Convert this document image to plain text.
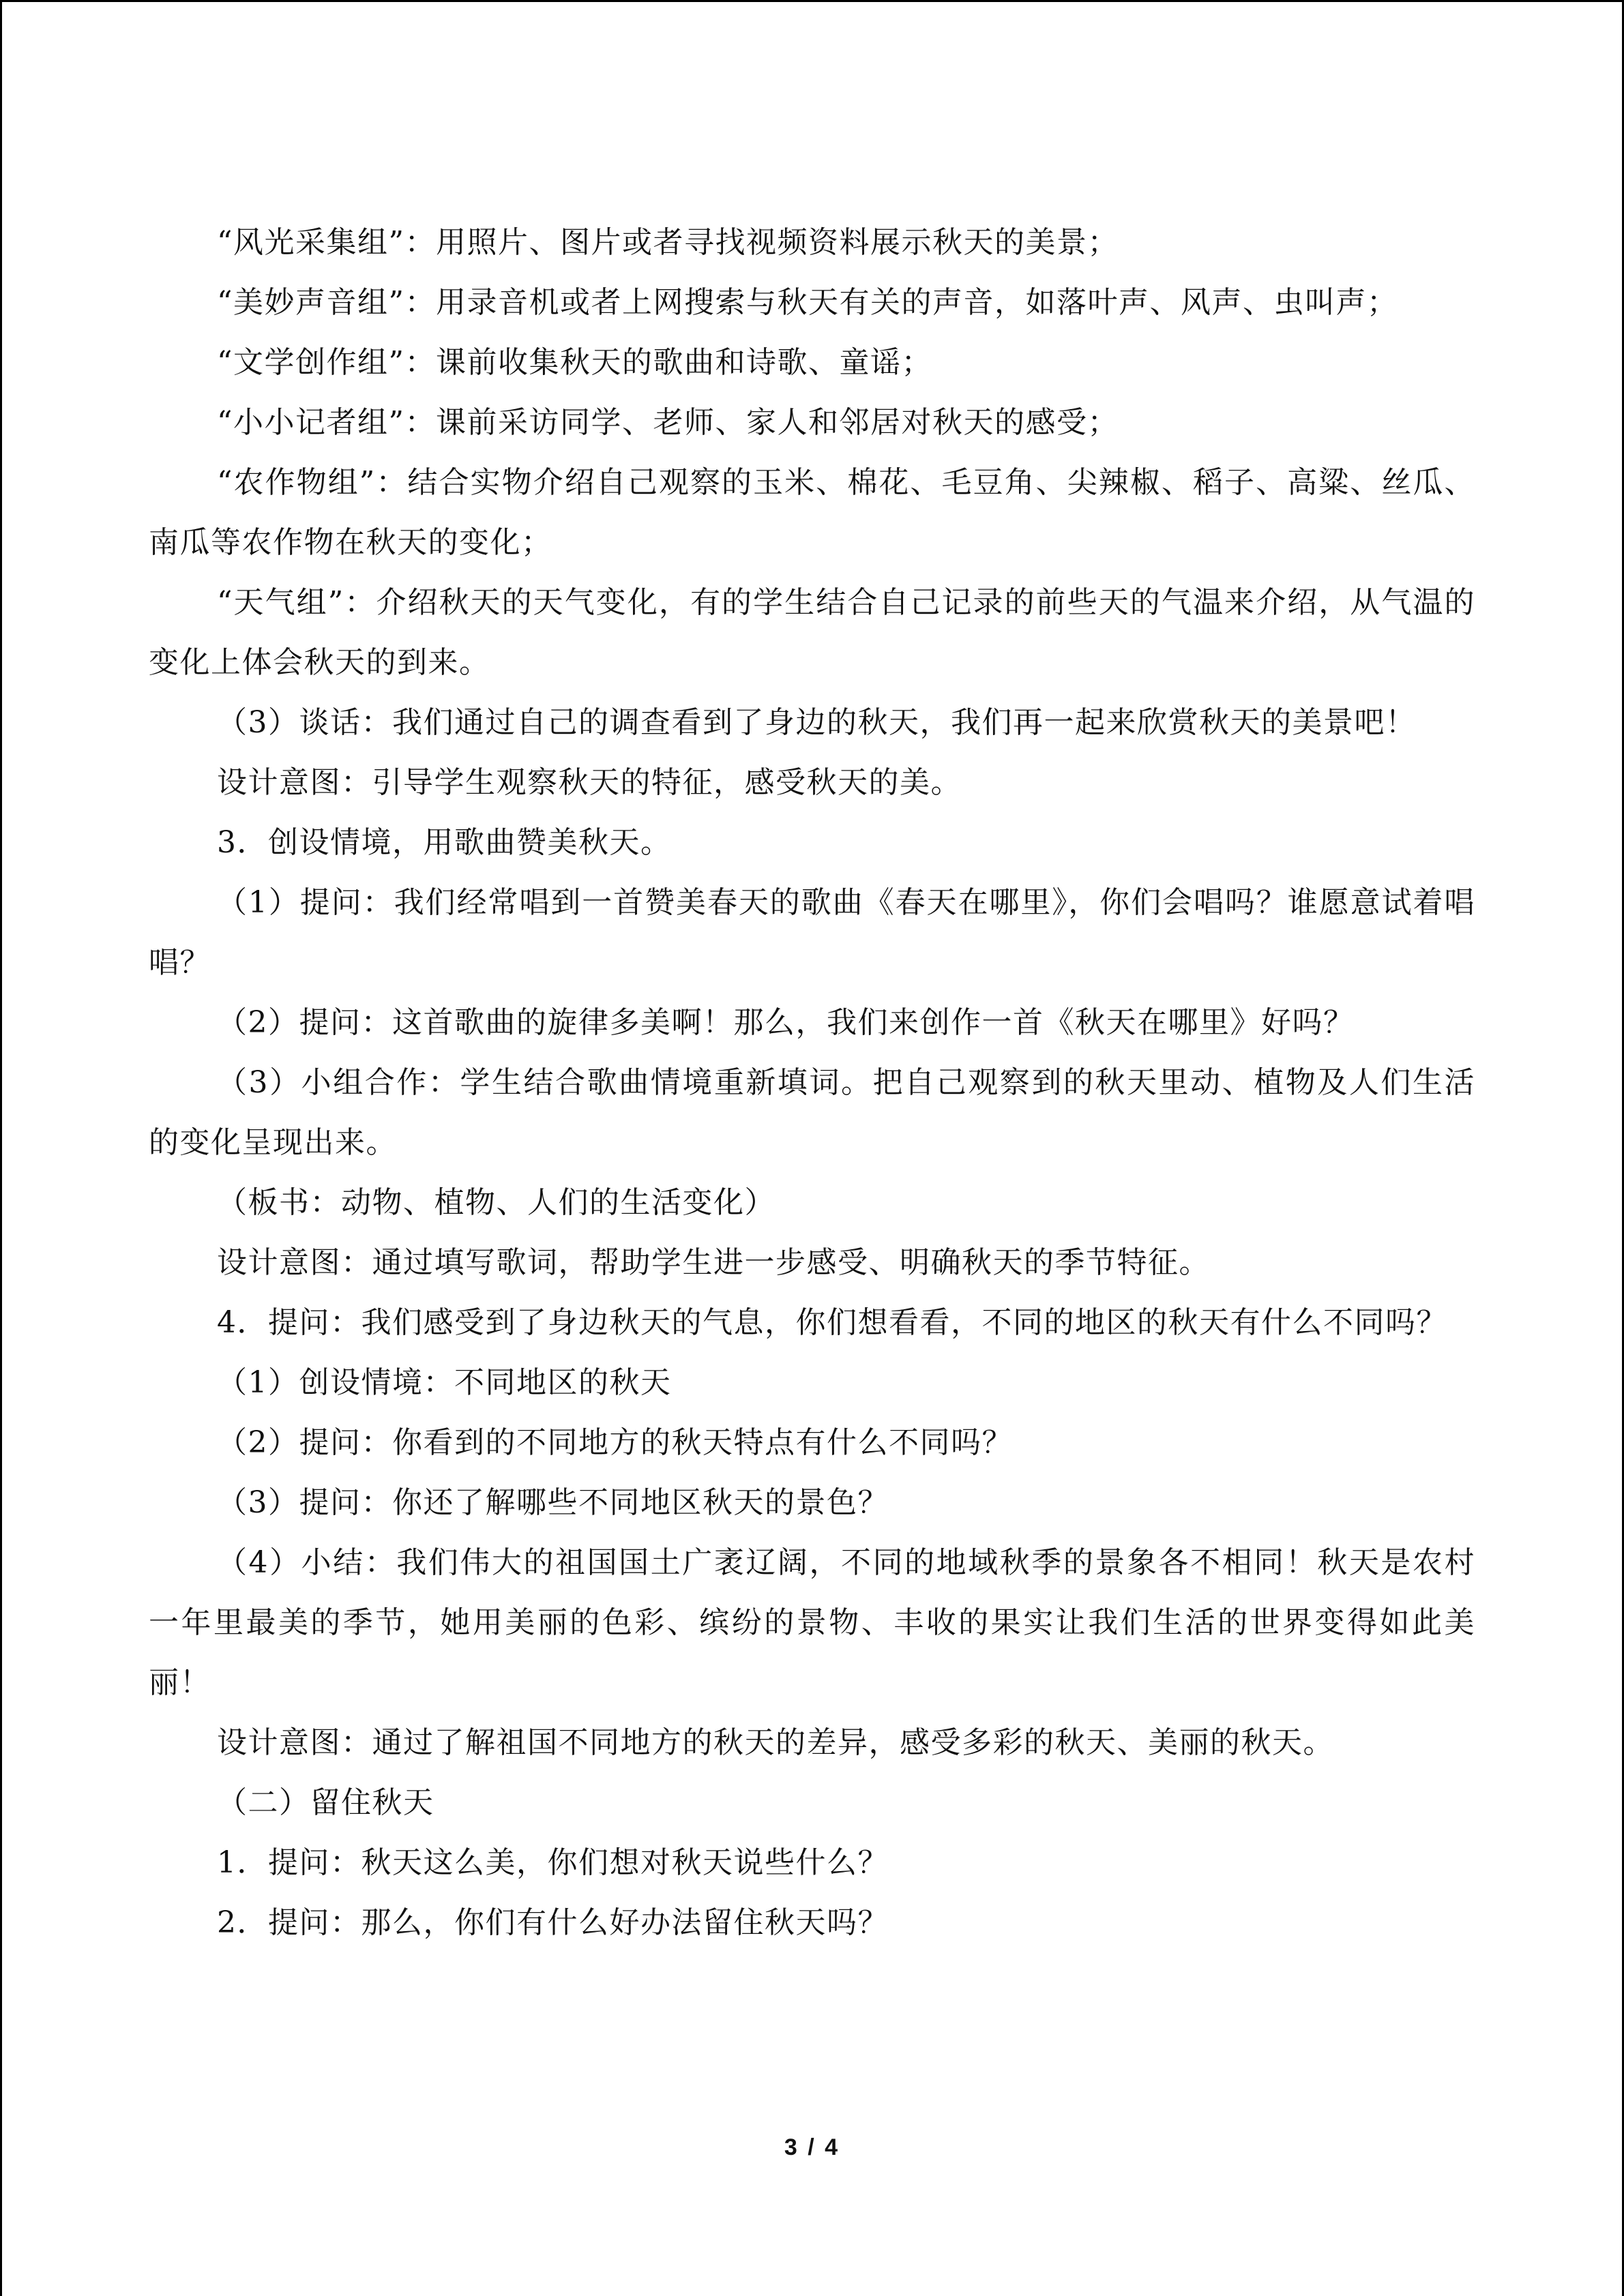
“风光采集组”：用照片、图片或者寻找视频资料展示秋天的美景；

“美妙声音组”：用录音机或者上网搜索与秋天有关的声音，如落叶声、风声、虫叫声；

“文学创作组”：课前收集秋天的歌曲和诗歌、童谣；

“小小记者组”：课前采访同学、老师、家人和邻居对秋天的感受；

“农作物组”：结合实物介绍自己观察的玉米、棉花、毛豆角、尖辣椒、稻子、高粱、丝瓜、南瓜等农作物在秋天的变化；

“天气组”：介绍秋天的天气变化，有的学生结合自己记录的前些天的气温来介绍，从气温的变化上体会秋天的到来。

（3）谈话：我们通过自己的调查看到了身边的秋天，我们再一起来欣赏秋天的美景吧！

设计意图：引导学生观察秋天的特征，感受秋天的美。

3．创设情境，用歌曲赞美秋天。

（1）提问：我们经常唱到一首赞美春天的歌曲《春天在哪里》，你们会唱吗？谁愿意试着唱唱？

（2）提问：这首歌曲的旋律多美啊！那么，我们来创作一首《秋天在哪里》好吗？

（3）小组合作：学生结合歌曲情境重新填词。把自己观察到的秋天里动、植物及人们生活的变化呈现出来。

（板书：动物、植物、人们的生活变化）

设计意图：通过填写歌词，帮助学生进一步感受、明确秋天的季节特征。

4．提问：我们感受到了身边秋天的气息，你们想看看，不同的地区的秋天有什么不同吗？

（1）创设情境：不同地区的秋天

（2）提问：你看到的不同地方的秋天特点有什么不同吗？

（3）提问：你还了解哪些不同地区秋天的景色？

（4）小结：我们伟大的祖国国土广袤辽阔，不同的地域秋季的景象各不相同！秋天是农村一年里最美的季节，她用美丽的色彩、缤纷的景物、丰收的果实让我们生活的世界变得如此美丽！

设计意图：通过了解祖国不同地方的秋天的差异，感受多彩的秋天、美丽的秋天。

（二）留住秋天

1．提问：秋天这么美，你们想对秋天说些什么？

2．提问：那么，你们有什么好办法留住秋天吗？

3 / 4
